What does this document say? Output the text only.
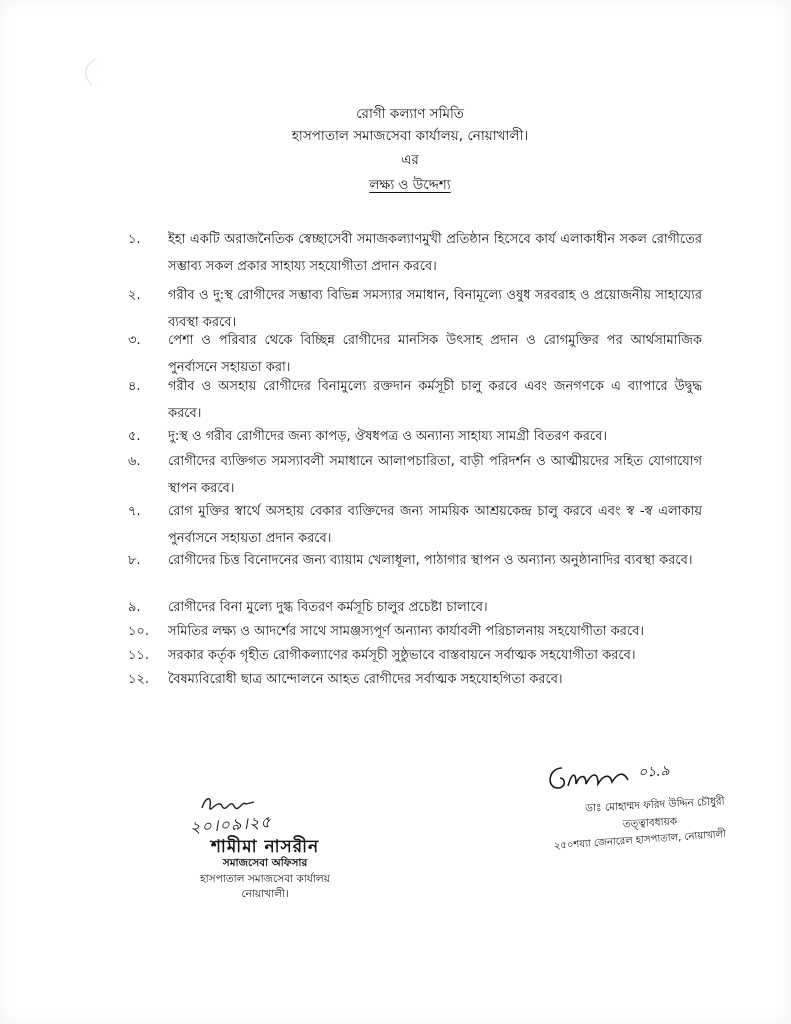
রোগী কল্যাণ সমিতি
হাসপাতাল সমাজসেবা কার্যালয়, নোয়াখালী।
এর
লক্ষ্য ও উদ্দেশ্য
১.	ইহা একটি অরাজনৈতিক স্বেচ্ছাসেবী সমাজকল্যাণমুখী প্রতিষ্ঠান হিসেবে কার্য এলাকাধীন সকল রোগীতের সম্ভাব্য সকল প্রকার সাহায্য সহযোগীতা প্রদান করবে।
২.	গরীব ও দু:স্থ রোগীদের সম্ভাব্য বিভিন্ন সমস্যার সমাধান, বিনামূল্যে ওষুধ সরবরাহ ও প্রয়োজনীয় সাহায্যের ব্যবস্থা করবে।
৩.	পেশা ও পরিবার থেকে বিচ্ছিন্ন রোগীদের মানসিক উৎসাহ প্রদান ও রোগমুক্তির পর আর্থসামাজিক পুনর্বাসনে সহায়তা করা।
৪.	গরীব ও অসহায় রোগীদের বিনামুল্যে রক্তদান কর্মসূচী চালু করবে এবং জনগণকে এ ব্যাপারে উদ্বুদ্ধ করবে।
৫.	দু:স্থ ও গরীব রোগীদের জন্য কাপড়, ঔষধপত্র ও অন্যান্য সাহায্য সামগ্রী বিতরণ করবে।
৬.	রোগীদের ব্যক্তিগত সমস্যাবলী সমাধানে আলাপচারিতা, বাড়ী পরিদর্শন ও আত্মীয়দের সহিত যোগাযোগ স্থাপন করবে।
৭.	রোগ মুক্তির স্বার্থে অসহায় বেকার ব্যক্তিদের জন্য সাময়িক আশ্রয়কেন্দ্র চালু করবে এবং স্ব -স্ব এলাকায় পুনর্বাসনে সহায়তা প্রদান করবে।
৮.	রোগীদের চিত্ত বিনোদনের জন্য ব্যায়াম খেলাধূলা, পাঠাগার স্থাপন ও অন্যান্য অনুষ্ঠানাদির ব্যবস্থা করবে।
৯.	রোগীদের বিনা মুল্যে দুগ্ধ বিতরণ কর্মসূচি চালুর প্রচেষ্টা চালাবে।
১০.	সমিতির লক্ষ্য ও আদর্শের সাথে সামঞ্জস্যপূর্ণ অন্যান্য কার্যাবলী পরিচালনায় সহযোগীতা করবে।
১১.	সরকার কর্তৃক গৃহীত রোগীকল্যাণের কর্মসূচী সুষ্ঠুভাবে বাস্তবায়নে সর্বাত্মক সহযোগীতা করবে।
১২.	বৈষম্যবিরোধী ছাত্র আন্দোলনে আহত রোগীদের সর্বাত্মক সহযোহগিতা করবে।
২০।০৯।২৫
শামীমা নাসরীন
সমাজসেবা অফিসার
হাসপাতাল সমাজসেবা কার্যালয়
নোয়াখালী।
০১.৯
ডাঃ মোহাম্মদ ফরিদ উদ্দিন চৌধুরী
তত্ত্বাবধায়ক
২৫০শয্যা জেনারেল হাসপাতাল, নোয়াখালী
